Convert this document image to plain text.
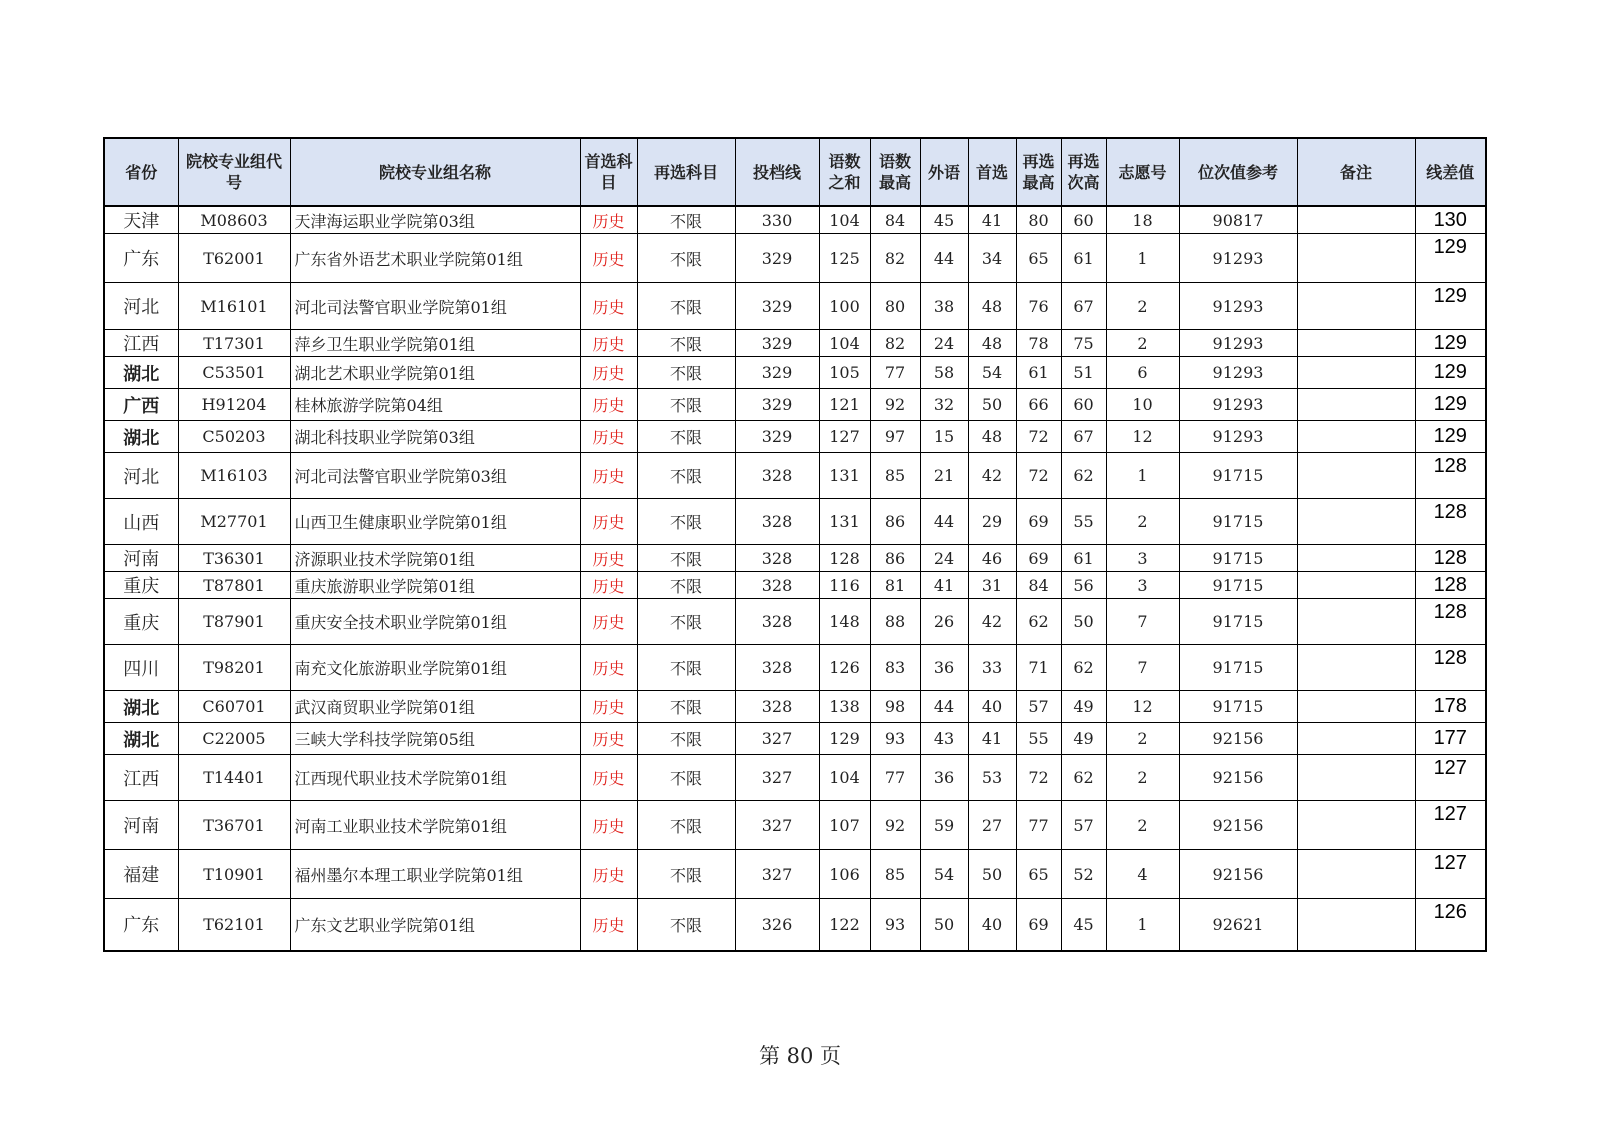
省份	院校专业组代号	院校专业组名称	首选科目	再选科目	投档线	语数之和	语数最高	外语	首选	再选最高	再选次高	志愿号	位次值参考	备注	线差值
天津	M08603	天津海运职业学院第03组	历史	不限	330	104	84	45	41	80	60	18	90817		130
广东	T62001	广东省外语艺术职业学院第01组	历史	不限	329	125	82	44	34	65	61	1	91293		129
河北	M16101	河北司法警官职业学院第01组	历史	不限	329	100	80	38	48	76	67	2	91293		129
江西	T17301	萍乡卫生职业学院第01组	历史	不限	329	104	82	24	48	78	75	2	91293		129
湖北	C53501	湖北艺术职业学院第01组	历史	不限	329	105	77	58	54	61	51	6	91293		129
广西	H91204	桂林旅游学院第04组	历史	不限	329	121	92	32	50	66	60	10	91293		129
湖北	C50203	湖北科技职业学院第03组	历史	不限	329	127	97	15	48	72	67	12	91293		129
河北	M16103	河北司法警官职业学院第03组	历史	不限	328	131	85	21	42	72	62	1	91715		128
山西	M27701	山西卫生健康职业学院第01组	历史	不限	328	131	86	44	29	69	55	2	91715		128
河南	T36301	济源职业技术学院第01组	历史	不限	328	128	86	24	46	69	61	3	91715		128
重庆	T87801	重庆旅游职业学院第01组	历史	不限	328	116	81	41	31	84	56	3	91715		128
重庆	T87901	重庆安全技术职业学院第01组	历史	不限	328	148	88	26	42	62	50	7	91715		128
四川	T98201	南充文化旅游职业学院第01组	历史	不限	328	126	83	36	33	71	62	7	91715		128
湖北	C60701	武汉商贸职业学院第01组	历史	不限	328	138	98	44	40	57	49	12	91715		178
湖北	C22005	三峡大学科技学院第05组	历史	不限	327	129	93	43	41	55	49	2	92156		177
江西	T14401	江西现代职业技术学院第01组	历史	不限	327	104	77	36	53	72	62	2	92156		127
河南	T36701	河南工业职业技术学院第01组	历史	不限	327	107	92	59	27	77	57	2	92156		127
福建	T10901	福州墨尔本理工职业学院第01组	历史	不限	327	106	85	54	50	65	52	4	92156		127
广东	T62101	广东文艺职业学院第01组	历史	不限	326	122	93	50	40	69	45	1	92621		126
第 80 页
